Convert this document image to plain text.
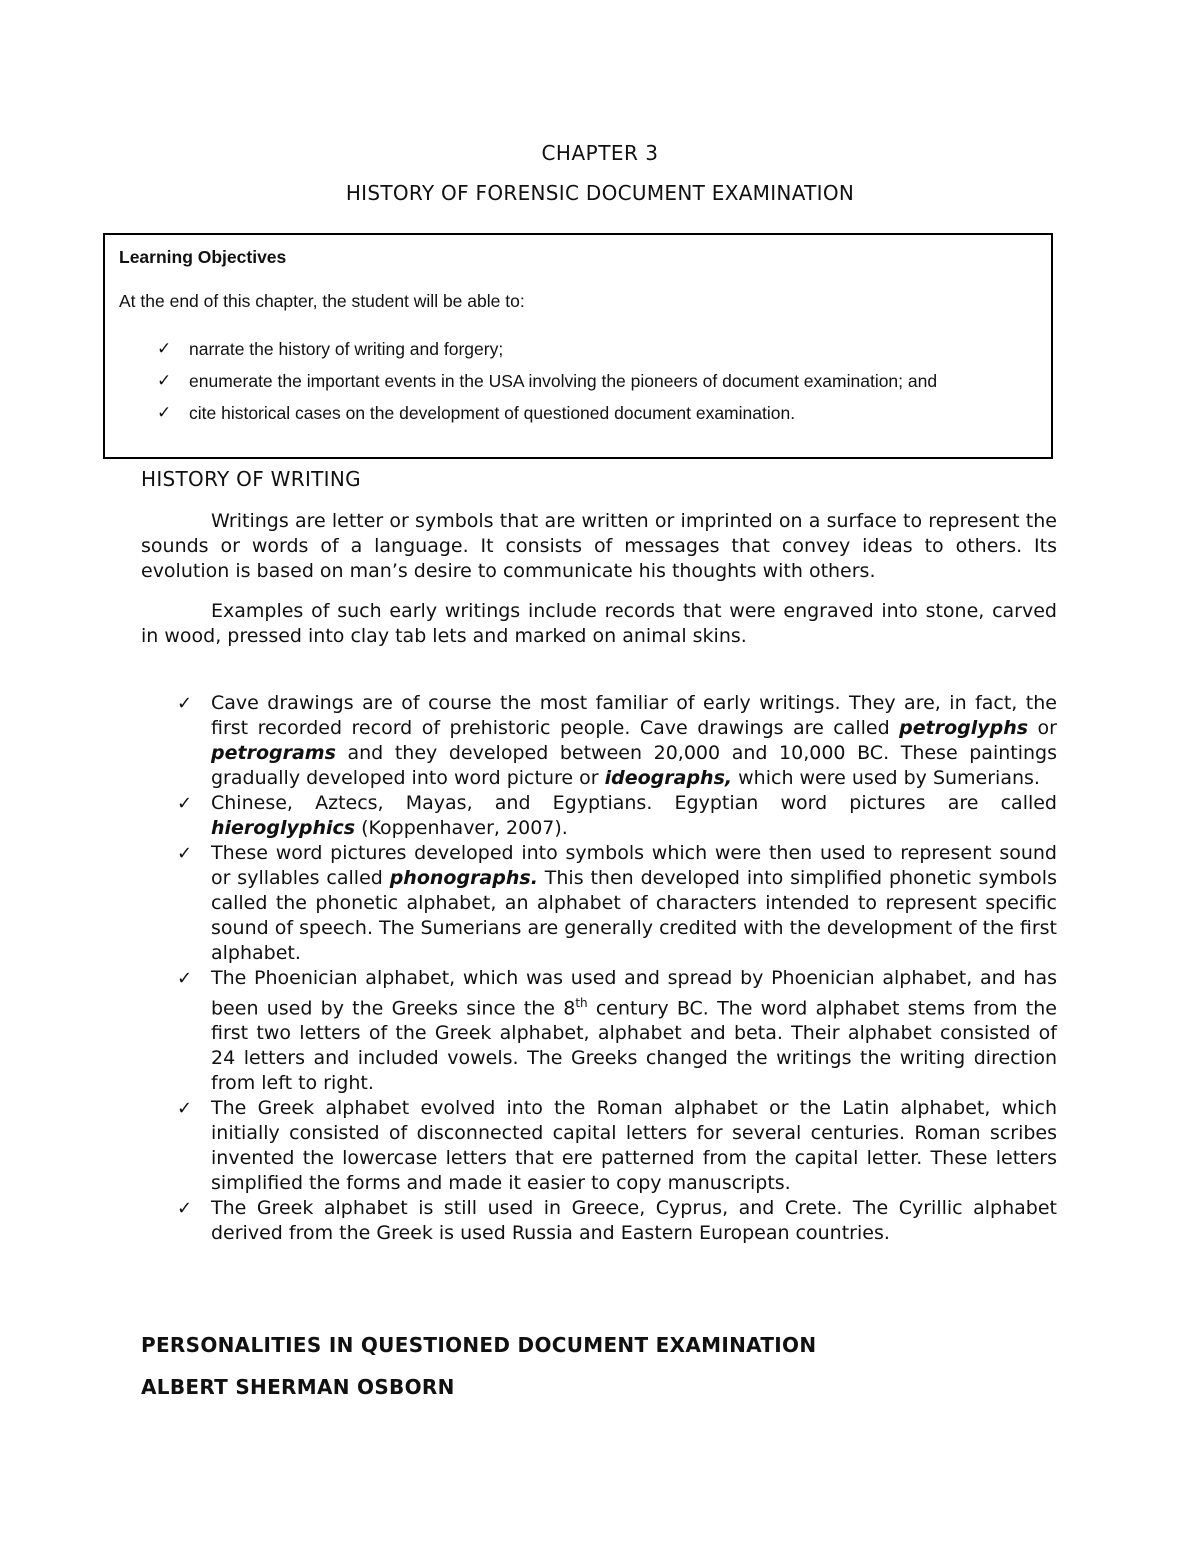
CHAPTER 3
HISTORY OF FORENSIC DOCUMENT EXAMINATION
Learning Objectives
At the end of this chapter, the student will be able to:
✓ narrate the history of writing and forgery;
✓ enumerate the important events in the USA involving the pioneers of document examination; and
✓ cite historical cases on the development of questioned document examination.
HISTORY OF WRITING

Writings are letter or symbols that are written or imprinted on a surface to represent the sounds or words of a language. It consists of messages that convey ideas to others. Its evolution is based on man’s desire to communicate his thoughts with others.

Examples of such early writings include records that were engraved into stone, carved in wood, pressed into clay tab lets and marked on animal skins.

✓ Cave drawings are of course the most familiar of early writings. They are, in fact, the first recorded record of prehistoric people. Cave drawings are called petroglyphs or petrograms and they developed between 20,000 and 10,000 BC. These paintings gradually developed into word picture or ideographs, which were used by Sumerians.
✓ Chinese, Aztecs, Mayas, and Egyptians. Egyptian word pictures are called hieroglyphics (Koppenhaver, 2007).
✓ These word pictures developed into symbols which were then used to represent sound or syllables called phonographs. This then developed into simplified phonetic symbols called the phonetic alphabet, an alphabet of characters intended to represent specific sound of speech. The Sumerians are generally credited with the development of the first alphabet.
✓ The Phoenician alphabet, which was used and spread by Phoenician alphabet, and has been used by the Greeks since the 8th century BC. The word alphabet stems from the first two letters of the Greek alphabet, alphabet and beta. Their alphabet consisted of 24 letters and included vowels. The Greeks changed the writings the writing direction from left to right.
✓ The Greek alphabet evolved into the Roman alphabet or the Latin alphabet, which initially consisted of disconnected capital letters for several centuries. Roman scribes invented the lowercase letters that ere patterned from the capital letter. These letters simplified the forms and made it easier to copy manuscripts.
✓ The Greek alphabet is still used in Greece, Cyprus, and Crete. The Cyrillic alphabet derived from the Greek is used Russia and Eastern European countries.
PERSONALITIES IN QUESTIONED DOCUMENT EXAMINATION
ALBERT SHERMAN OSBORN
